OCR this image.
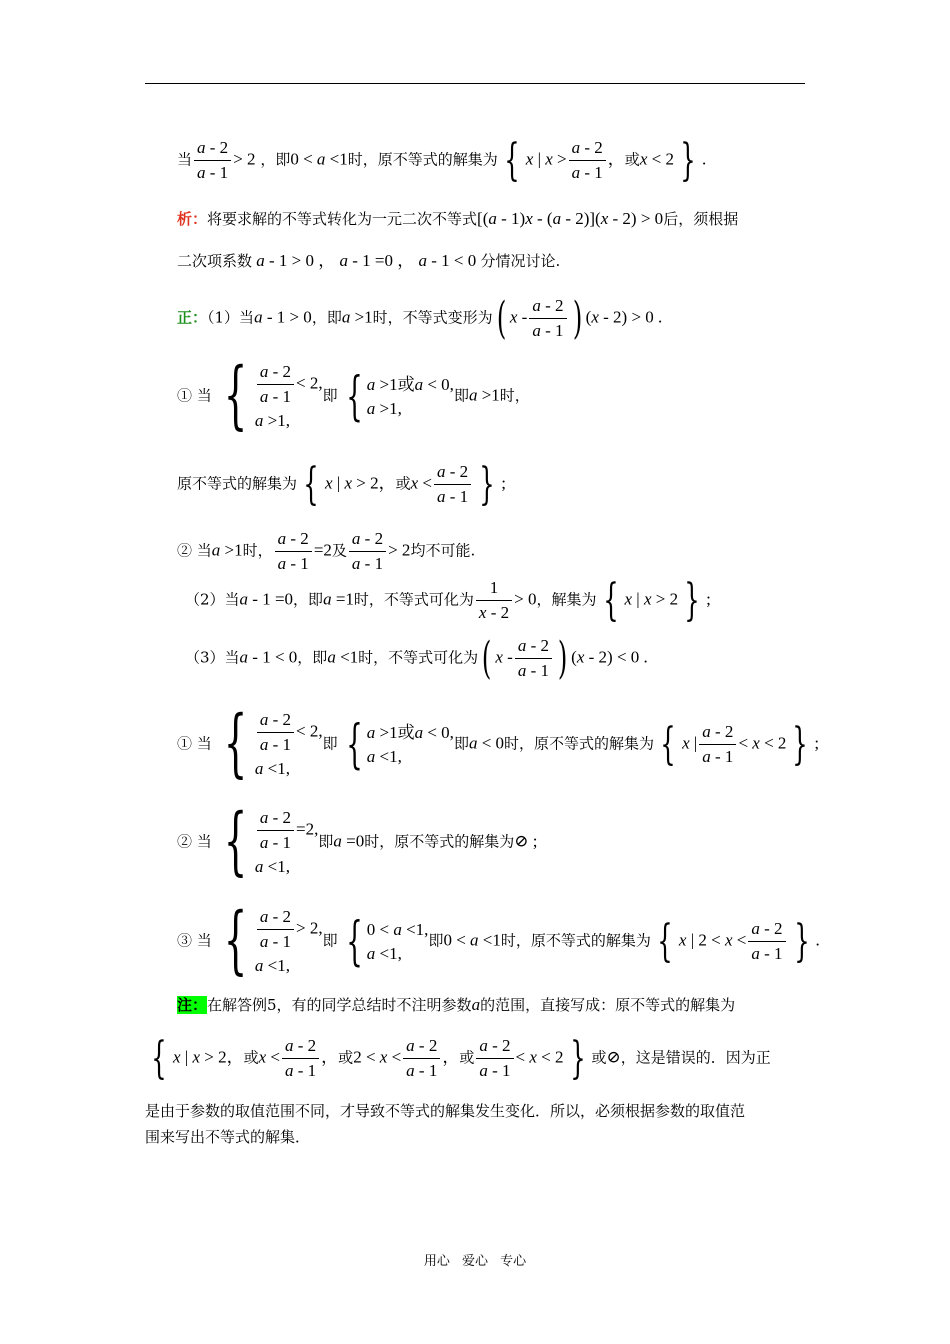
当 $\frac{a - 2}{a - 1} > 2$ ，即0 < a <1时，原不等式的解集为 { x | $x > \frac{a - 2}{a - 1}$ ，或x < 2 } .
析：将要求解的不等式转化为一元二次不等式[(a - 1)x - (a - 2)](x - 2) > 0后，须根据
二次项系数 a - 1 > 0 ， a - 1 =0 ， a - 1 < 0 分情况讨论.
正：（1）当a - 1 > 0，即a >1时，不等式变形为( x - $\frac{a - 2}{a - 1}$ ) (x - 2) > 0 .
① 当 { $\frac{a - 2}{a - 1} < 2$,
a >1,
即 { a >1或a < 0,
a >1,
即a >1时，
原不等式的解集为 { x | x > 2，或$x < \frac{a - 2}{a - 1}$ } ;
② 当a >1时， $\frac{a - 2}{a - 1} =2$及 $\frac{a - 2}{a - 1} > 2$均不可能.
（2）当a - 1 =0，即a =1时，不等式可化为 $\frac{1}{x - 2} > 0$，解集为 { x | x > 2 } ;
（3）当a - 1 < 0，即a <1时，不等式可化为( x - $\frac{a - 2}{a - 1}$ ) (x - 2) < 0 .
① 当 { $\frac{a - 2}{a - 1} < 2$,
a <1,
即 { a >1或a < 0,
a <1,
即a < 0时，原不等式的解集为 { x | $\frac{a - 2}{a - 1} < x < 2$ } ;
② 当 { $\frac{a - 2}{a - 1} =2$,
a <1,
即a =0时，原不等式的解集为⊘ ;
③ 当 { $\frac{a - 2}{a - 1} > 2$,
a <1,
即 { 0 < a <1,
a <1,
即0 < a <1时，原不等式的解集为 { x | $2 < x < \frac{a - 2}{a - 1}$ } .
注：在解答例5，有的同学总结时不注明参数a的范围，直接写成：原不等式的解集为
{ x | x > 2，或$x < \frac{a - 2}{a - 1}$ ，或$2 < x < \frac{a - 2}{a - 1}$ ，或 $\frac{a - 2}{a - 1} < x < 2$ } 或⊘，这是错误的．因为正
是由于参数的取值范围不同，才导致不等式的解集发生变化．所以，必须根据参数的取值范
围来写出不等式的解集．
用心 爱心 专心
